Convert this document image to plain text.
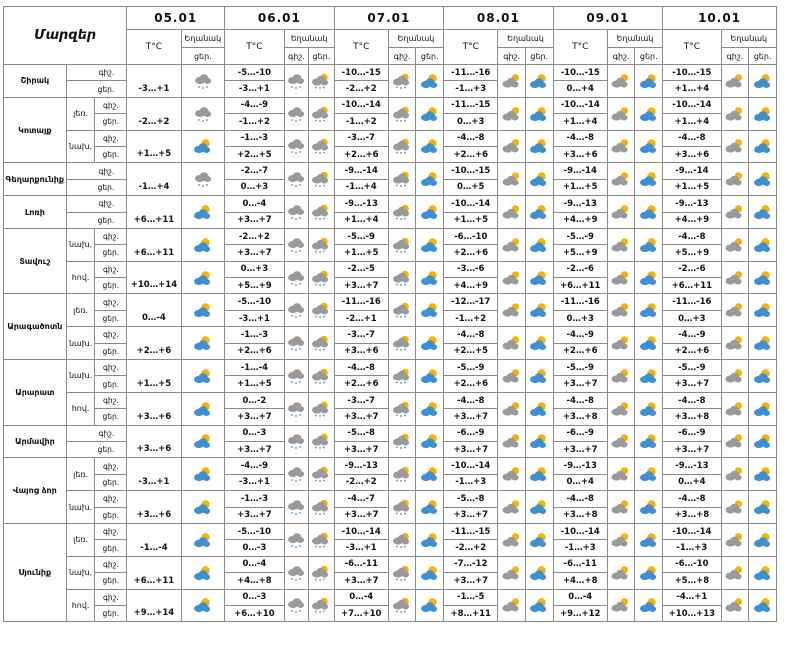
Մարզեր			05.01		06.01			07.01			08.01			09.01			10.01		
			T°C	Եղանակ	T°C	Եղանակ		T°C	Եղանակ		T°C	Եղանակ		T°C	Եղանակ		T°C	Եղանակ	
				ցեր.		գիշ.	ցեր.		գիշ.	ցեր.		գիշ.	ցեր.		գիշ.	ցեր.		գիշ.	ցեր.
Շիրակ	գիշ.		-3…+1		-5…-10			-10…-15			-11…-16			-10…-15			-10…-15		
	ցեր.				-3…+1			-2…+2			-1…+3			0…+4			+1…+4		
Կոտայք	լեռ.	գիշ.	-2…+2		-4…-9			-10…-14			-11…-15			-10…-14			-10…-14		
		ցեր.			-1…+2			-1…+2			0…+3			+1…+4			+1…+4		
	նախ.	գիշ.	+1…+5		-1…-3			-3…-7			-4…-8			-4…-8			-4…-8		
		ցեր.			+2…+5			+2…+6			+2…+6			+3…+6			+3…+6		
Գեղարքունիք	գիշ.		-1…+4		-2…-7			-9…-14			-10…-15			-9…-14			-9…-14		
	ցեր.				0…+3			-1…+4			0…+5			+1…+5			+1…+5		
Լոռի	գիշ.		+6…+11		0…-4			-9…-13			-10…-14			-9…-13			-9…-13		
	ցեր.				+3…+7			+1…+4			+1…+5			+4…+9			+4…+9		
Տավուշ	նախ.	գիշ.	+6…+11		-2…+2			-5…-9			-6…-10			-5…-9			-4…-8		
		ցեր.			+3…+7			+1…+5			+2…+6			+5…+9			+5…+9		
	հով.	գիշ.	+10…+14		0…+3			-2…-5			-3…-6			-2…-6			-2…-6		
		ցեր.			+5…+9			+3…+7			+4…+9			+6…+11			+6…+11		
Արագածոտն	լեռ.	գիշ.	0…-4		-5…-10			-11…-16			-12…-17			-11…-16			-11…-16		
		ցեր.			-3…+1			-2…+1			-1…+2			0…+3			0…+3		
	նախ.	գիշ.	+2…+6		-1…-3			-3…-7			-4…-8			-4…-9			-4…-9		
		ցեր.			+2…+6			+3…+6			+2…+5			+2…+6			+2…+6		
Արարատ	նախ.	գիշ.	+1…+5		-1…-4			-4…-8			-5…-9			-5…-9			-5…-9		
		ցեր.			+1…+5			+2…+6			+2…+6			+3…+7			+3…+7		
	հով.	գիշ.	+3…+6		0…-2			-3…-7			-4…-8			-4…-8			-4…-8		
		ցեր.			+3…+7			+3…+7			+3…+7			+3…+8			+3…+8		
Արմավիր	գիշ.		+3…+6		0…-3			-5…-8			-6…-9			-6…-9			-6…-9		
	ցեր.				+3…+7			+3…+7			+3…+7			+3…+7			+3…+7		
Վայոց ձոր	լեռ.	գիշ.	-3…+1		-4…-9			-9…-13			-10…-14			-9…-13			-9…-13		
		ցեր.			-3…+1			-2…+2			-1…+3			0…+4			0…+4		
	նախ.	գիշ.	+3…+6		-1…-3			-4…-7			-5…-8			-4…-8			-4…-8		
		ցեր.			+3…+7			+3…+7			+3…+7			+3…+8			+3…+8		
Սյունիք	լեռ.	գիշ.	-1…-4		-5…-10			-10…-14			-11…-15			-10…-14			-10…-14		
		ցեր.			0…-3			-3…+1			-2…+2			-1…+3			-1…+3		
	նախ.	գիշ.	+6…+11		0…-4			-6…-11			-7…-12			-6…-11			-6…-10		
		ցեր.			+4…+8			+3…+7			+3…+7			+4…+8			+5…+8		
	հով.	գիշ.	+9…+14		0…-3			0…-4			-1…-5			0…-4			-4…+1		
		ցեր.			+6…+10			+7…+10			+8…+11			+9…+12			+10…+13		
